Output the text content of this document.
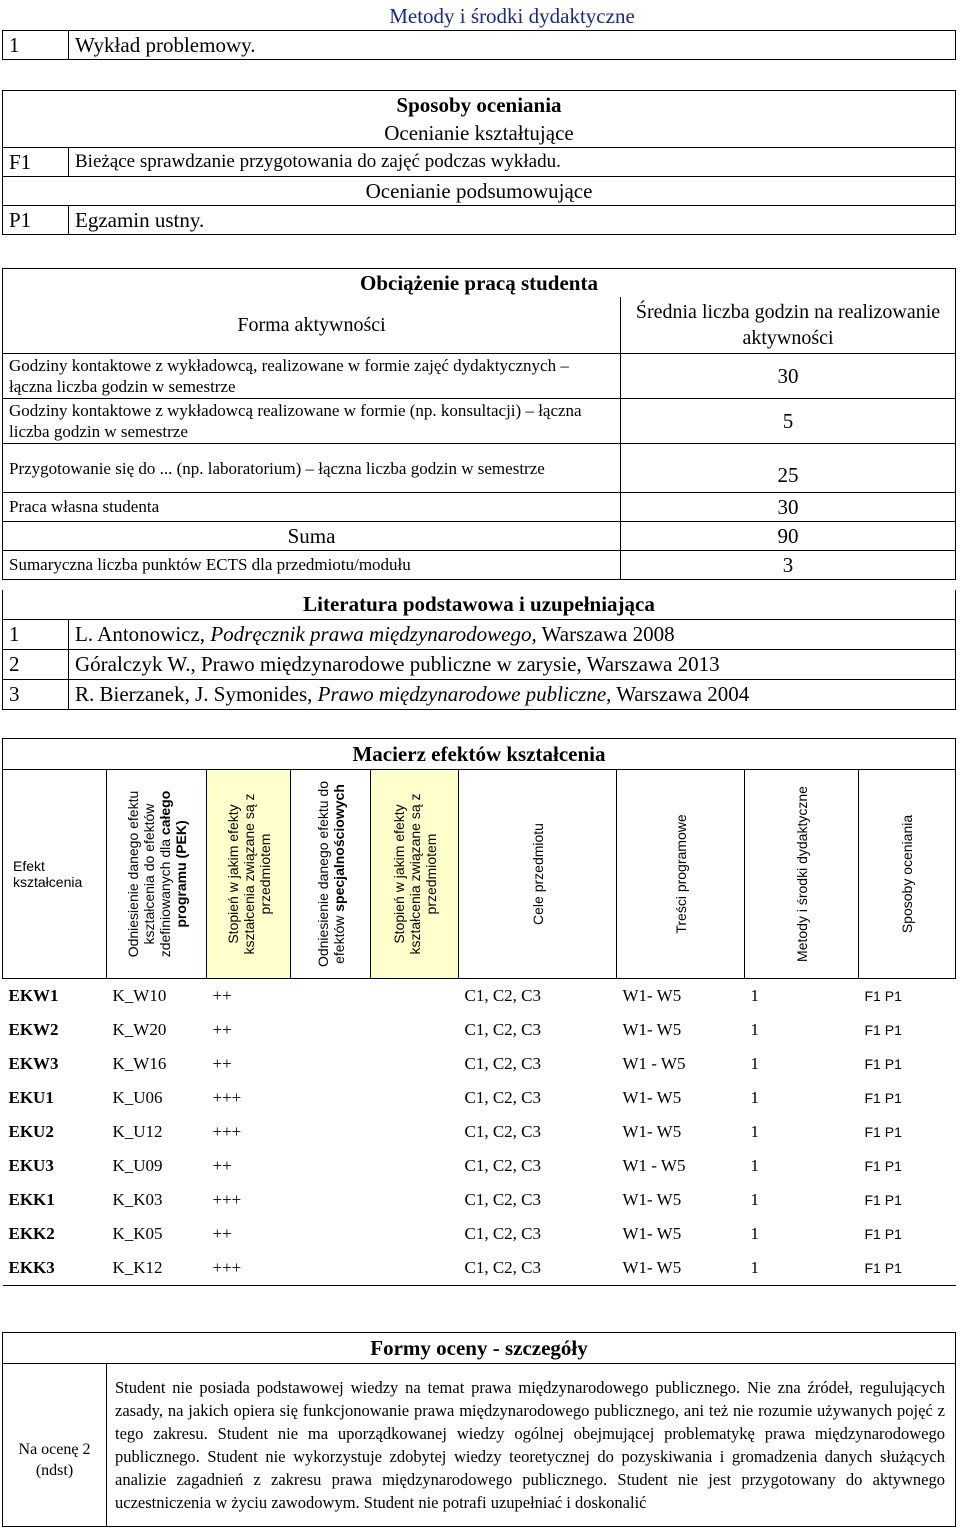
	Metody i środki dydaktyczne
1	Wykład problemowy.
Sposoby oceniania	
Ocenianie kształtujące	
F1	Bieżące sprawdzanie przygotowania do zajęć podczas wykładu.
Ocenianie podsumowujące	
P1	Egzamin ustny.
Obciążenie pracą studenta	
Forma aktywności	Średnia liczba godzin na realizowanie aktywności
Godziny kontaktowe z wykładowcą, realizowane w formie zajęć dydaktycznych – łączna liczba godzin w semestrze	30
Godziny kontaktowe z wykładowcą realizowane w formie (np. konsultacji) – łączna liczba godzin w semestrze	5
Przygotowanie się do ... (np. laboratorium) – łączna liczba godzin w semestrze	25
Praca własna studenta	30
Suma	90
Sumaryczna liczba punktów ECTS dla przedmiotu/modułu	3
Literatura podstawowa i uzupełniająca	
1	L. Antonowicz, Podręcznik prawa międzynarodowego, Warszawa 2008
2	Góralczyk W., Prawo międzynarodowe publiczne w zarysie, Warszawa 2013
3	R. Bierzanek, J. Symonides, Prawo międzynarodowe publiczne, Warszawa 2004
Macierz efektów kształcenia								
Efekt kształcenia	Odniesienie danego efektu kształcenia do efektów zdefiniowanych dla całego programu (PEK)	Stopień w jakim efekty kształcenia związane są z przedmiotem	Odniesienie danego efektu do efektów specjalnościowych	Stopień w jakim efekty kształcenia związane są z przedmiotem	Cele przedmiotu	Treści programowe	Metody i środki dydaktyczne	Sposoby oceniania

EKW1	K_W10	++			C1, C2, C3	W1- W5	1	F1 P1
EKW2	K_W20	++			C1, C2, C3	W1- W5	1	F1 P1
EKW3	K_W16	++			C1, C2, C3	W1 - W5	1	F1 P1
EKU1	K_U06	+++			C1, C2, C3	W1- W5	1	F1 P1
EKU2	K_U12	+++			C1, C2, C3	W1- W5	1	F1 P1
EKU3	K_U09	++			C1, C2, C3	W1 - W5	1	F1 P1
EKK1	K_K03	+++			C1, C2, C3	W1- W5	1	F1 P1
EKK2	K_K05	++			C1, C2, C3	W1- W5	1	F1 P1
EKK3	K_K12	+++			C1, C2, C3	W1- W5	1	F1 P1
Formy oceny - szczegóły
Na ocenę 2 (ndst)	Student nie posiada podstawowej wiedzy na temat prawa międzynarodowego publicznego. Nie zna źródeł, regulujących zasady, na jakich opiera się funkcjonowanie prawa międzynarodowego publicznego, ani też nie rozumie używanych pojęć z tego zakresu. Student nie ma uporządkowanej wiedzy ogólnej obejmującej problematykę prawa międzynarodowego publicznego. Student nie wykorzystuje zdobytej wiedzy teoretycznej do pozyskiwania i gromadzenia danych służących analizie zagadnień z zakresu prawa międzynarodowego publicznego. Student nie jest przygotowany do aktywnego uczestniczenia w życiu zawodowym. Student nie potrafi uzupełniać i doskonalić
